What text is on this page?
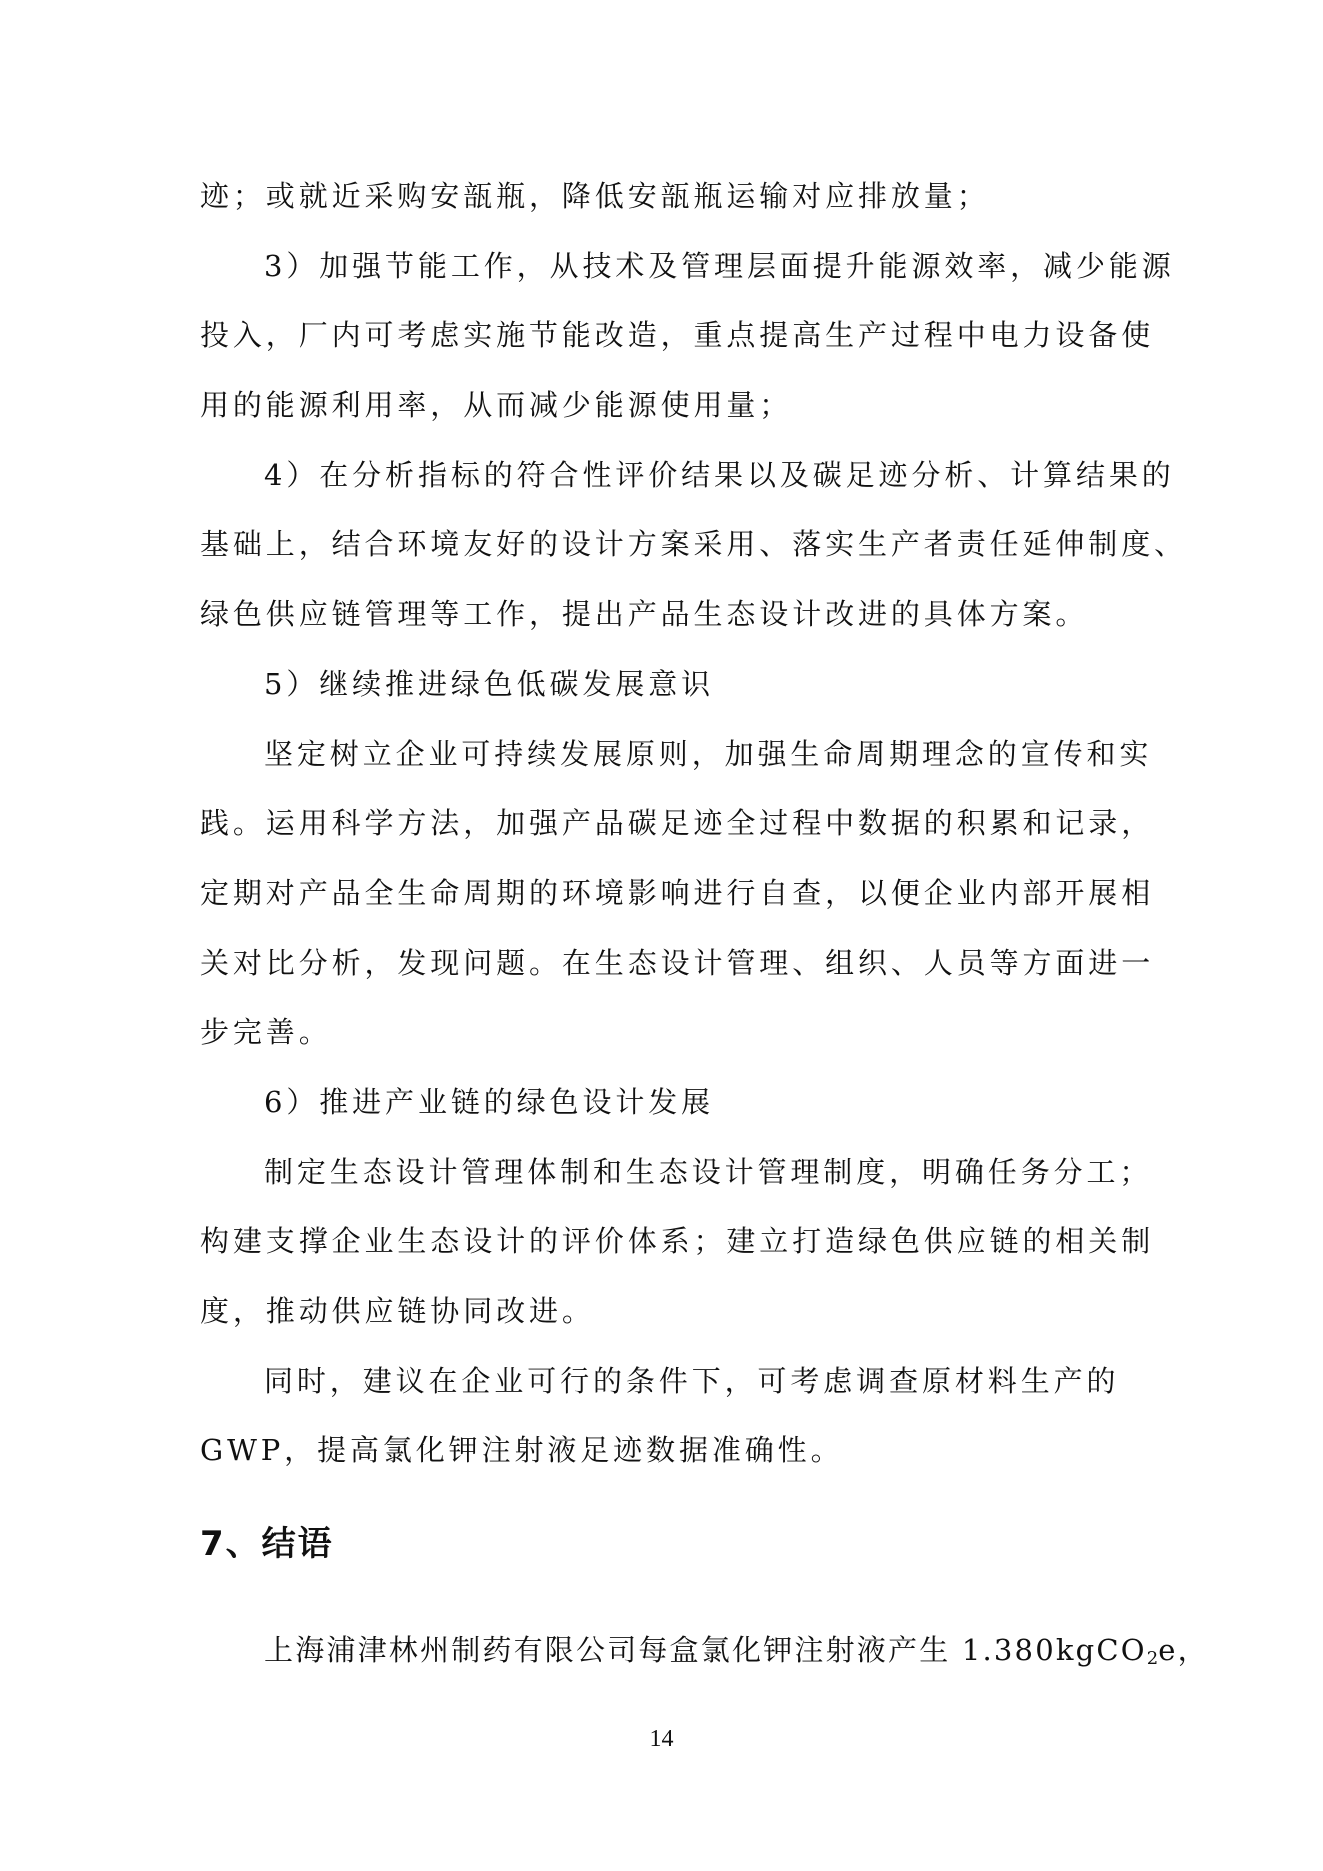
迹；或就近采购安瓿瓶，降低安瓿瓶运输对应排放量；
3）加强节能工作，从技术及管理层面提升能源效率，减少能源
投入，厂内可考虑实施节能改造，重点提高生产过程中电力设备使
用的能源利用率，从而减少能源使用量；
4）在分析指标的符合性评价结果以及碳足迹分析、计算结果的
基础上，结合环境友好的设计方案采用、落实生产者责任延伸制度、
绿色供应链管理等工作，提出产品生态设计改进的具体方案。
5）继续推进绿色低碳发展意识
坚定树立企业可持续发展原则，加强生命周期理念的宣传和实
践。运用科学方法，加强产品碳足迹全过程中数据的积累和记录，
定期对产品全生命周期的环境影响进行自查，以便企业内部开展相
关对比分析，发现问题。在生态设计管理、组织、人员等方面进一
步完善。
6）推进产业链的绿色设计发展
制定生态设计管理体制和生态设计管理制度，明确任务分工；
构建支撑企业生态设计的评价体系；建立打造绿色供应链的相关制
度，推动供应链协同改进。
同时，建议在企业可行的条件下，可考虑调查原材料生产的
GWP，提高氯化钾注射液足迹数据准确性。
7、结语
上海浦津林州制药有限公司每盒氯化钾注射液产生 1.380kgCO$_2$e，
14
